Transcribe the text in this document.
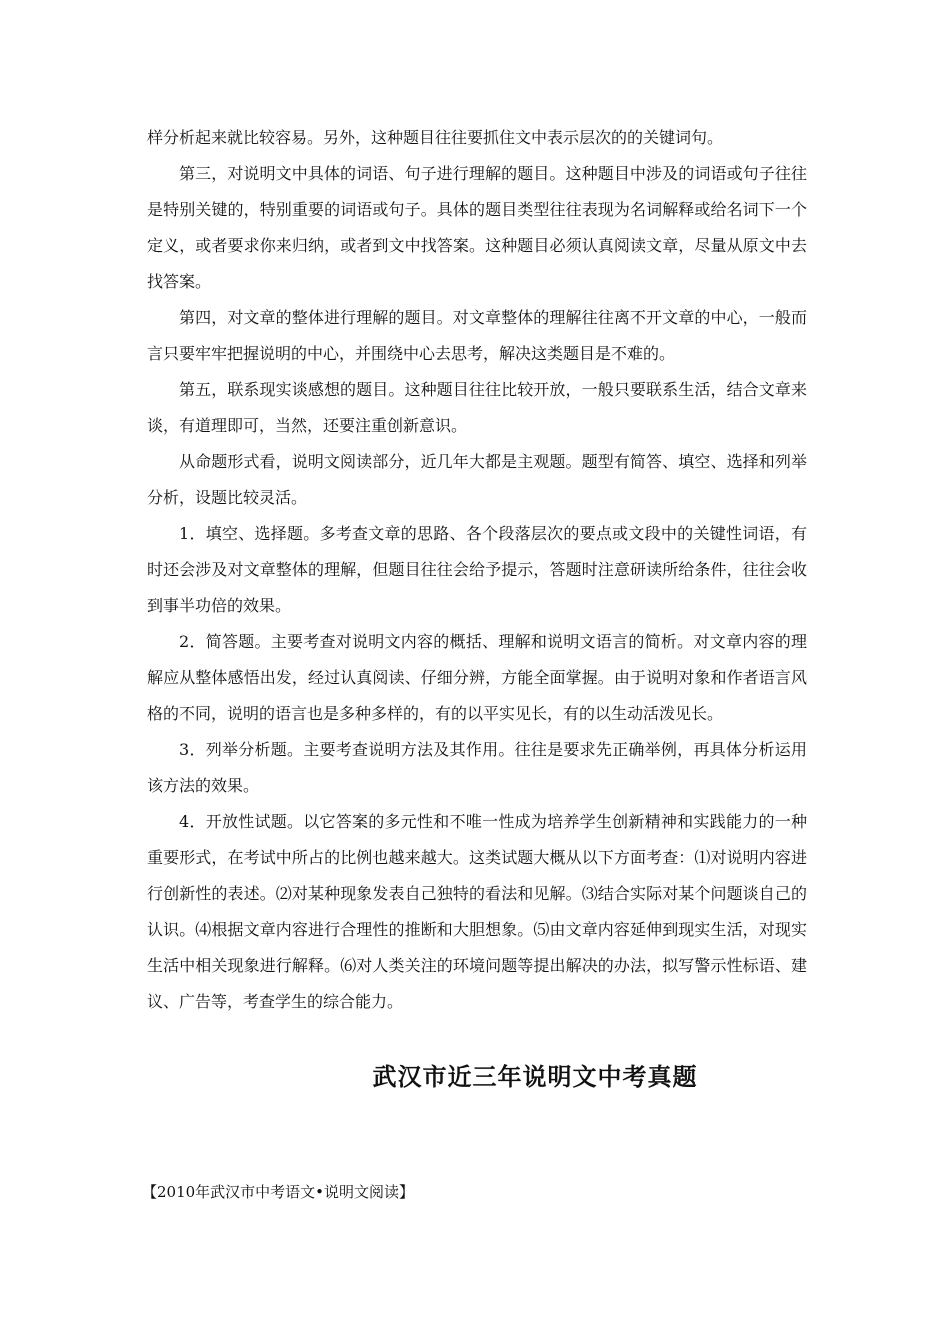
样分析起来就比较容易。另外，这种题目往往要抓住文中表示层次的的关键词句。

第三，对说明文中具体的词语、句子进行理解的题目。这种题目中涉及的词语或句子往往是特别关键的，特别重要的词语或句子。具体的题目类型往往表现为名词解释或给名词下一个定义，或者要求你来归纳，或者到文中找答案。这种题目必须认真阅读文章，尽量从原文中去找答案。

第四，对文章的整体进行理解的题目。对文章整体的理解往往离不开文章的中心，一般而言只要牢牢把握说明的中心，并围绕中心去思考，解决这类题目是不难的。

第五，联系现实谈感想的题目。这种题目往往比较开放，一般只要联系生活，结合文章来谈，有道理即可，当然，还要注重创新意识。

从命题形式看，说明文阅读部分，近几年大都是主观题。题型有简答、填空、选择和列举分析，设题比较灵活。

1．填空、选择题。多考查文章的思路、各个段落层次的要点或文段中的关键性词语，有时还会涉及对文章整体的理解，但题目往往会给予提示，答题时注意研读所给条件，往往会收到事半功倍的效果。

2．简答题。主要考查对说明文内容的概括、理解和说明文语言的简析。对文章内容的理解应从整体感悟出发，经过认真阅读、仔细分辨，方能全面掌握。由于说明对象和作者语言风格的不同，说明的语言也是多种多样的，有的以平实见长，有的以生动活泼见长。

3．列举分析题。主要考查说明方法及其作用。往往是要求先正确举例，再具体分析运用该方法的效果。

4．开放性试题。以它答案的多元性和不唯一性成为培养学生创新精神和实践能力的一种重要形式，在考试中所占的比例也越来越大。这类试题大概从以下方面考查：⑴对说明内容进行创新性的表述。⑵对某种现象发表自己独特的看法和见解。⑶结合实际对某个问题谈自己的认识。⑷根据文章内容进行合理性的推断和大胆想象。⑸由文章内容延伸到现实生活，对现实生活中相关现象进行解释。⑹对人类关注的环境问题等提出解决的办法，拟写警示性标语、建议、广告等，考查学生的综合能力。

武汉市近三年说明文中考真题

【2010年武汉市中考语文•说明文阅读】
